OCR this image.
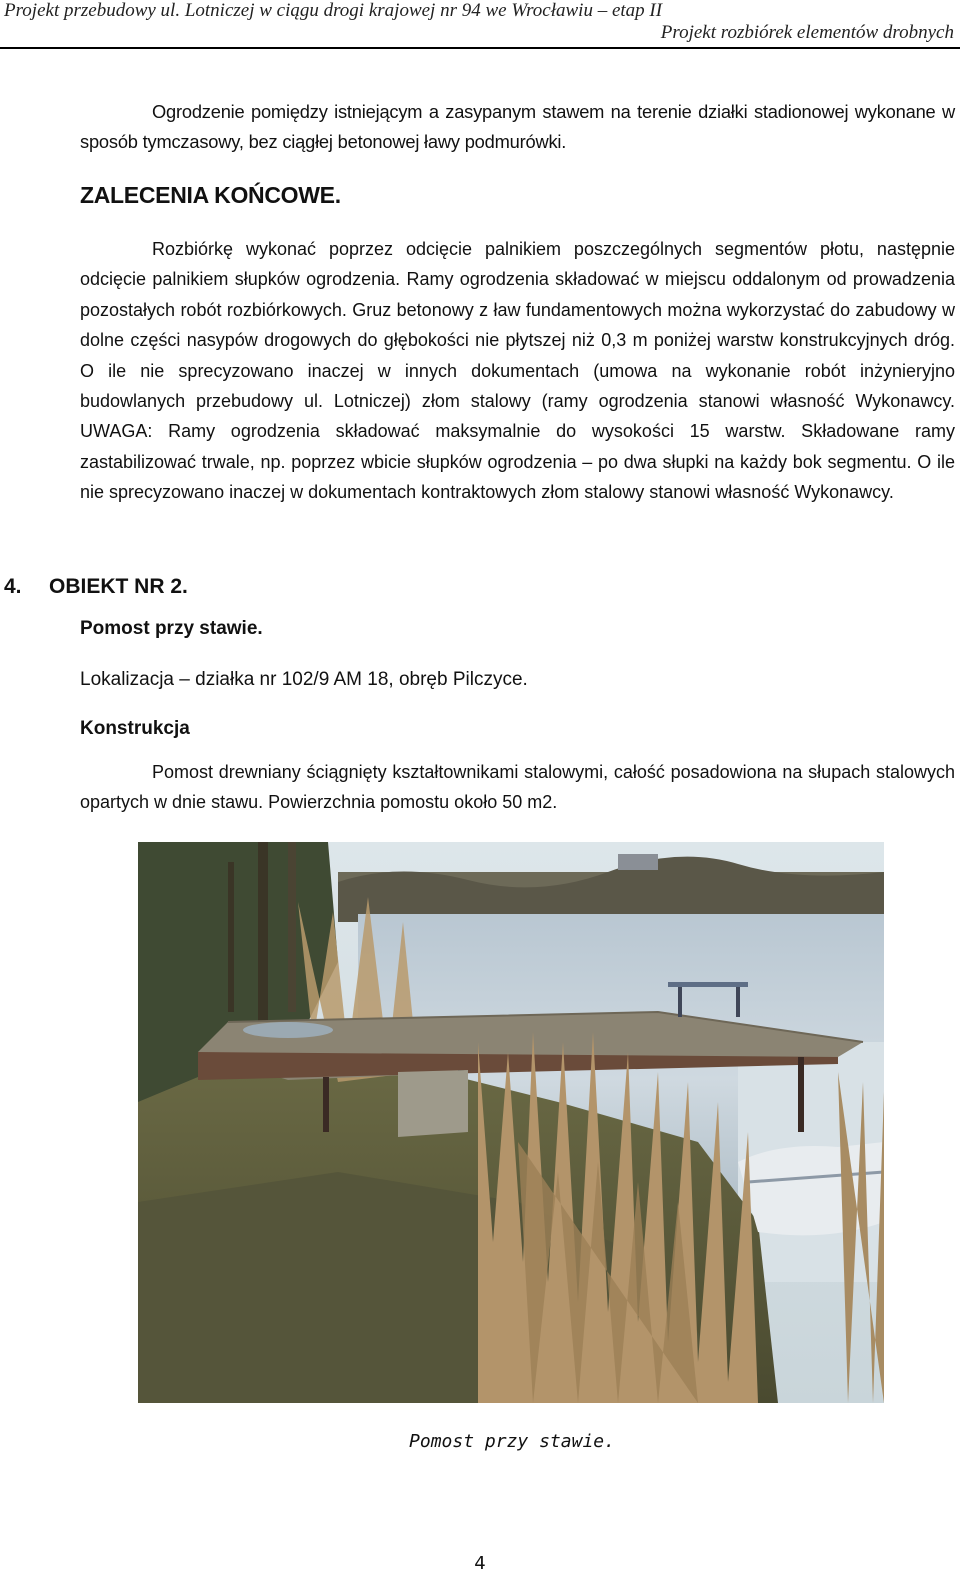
Projekt przebudowy ul. Lotniczej w ciągu drogi krajowej nr 94 we Wrocławiu – etap II
Projekt rozbiórek elementów drobnych

Ogrodzenie pomiędzy istniejącym a zasypanym stawem na terenie działki stadionowej wykonane w sposób tymczasowy, bez ciągłej betonowej ławy podmurówki.

ZALECENIA KOŃCOWE.

Rozbiórkę wykonać poprzez odcięcie palnikiem poszczególnych segmentów płotu, następnie odcięcie palnikiem słupków ogrodzenia. Ramy ogrodzenia składować w miejscu oddalonym od prowadzenia pozostałych robót rozbiórkowych. Gruz betonowy z ław fundamentowych można wykorzystać do zabudowy w dolne części nasypów drogowych do głębokości nie płytszej niż 0,3 m poniżej warstw konstrukcyjnych dróg. O ile nie sprecyzowano inaczej w innych dokumentach (umowa na wykonanie robót inżynieryjno budowlanych przebudowy ul. Lotniczej) złom stalowy (ramy ogrodzenia stanowi własność Wykonawcy. UWAGA: Ramy ogrodzenia składować maksymalnie do wysokości 15 warstw. Składowane ramy zastabilizować trwale, np. poprzez wbicie słupków ogrodzenia – po dwa słupki na każdy bok segmentu. O ile nie sprecyzowano inaczej w dokumentach kontraktowych złom stalowy stanowi własność Wykonawcy.

4. OBIEKT NR 2.
Pomost przy stawie.
Lokalizacja – działka nr 102/9 AM 18, obręb Pilczyce.
Konstrukcja

Pomost drewniany ściągnięty kształtownikami stalowymi, całość posadowiona na słupach stalowych opartych w dnie stawu. Powierzchnia pomostu około 50 m2.

Pomost przy stawie.
4
